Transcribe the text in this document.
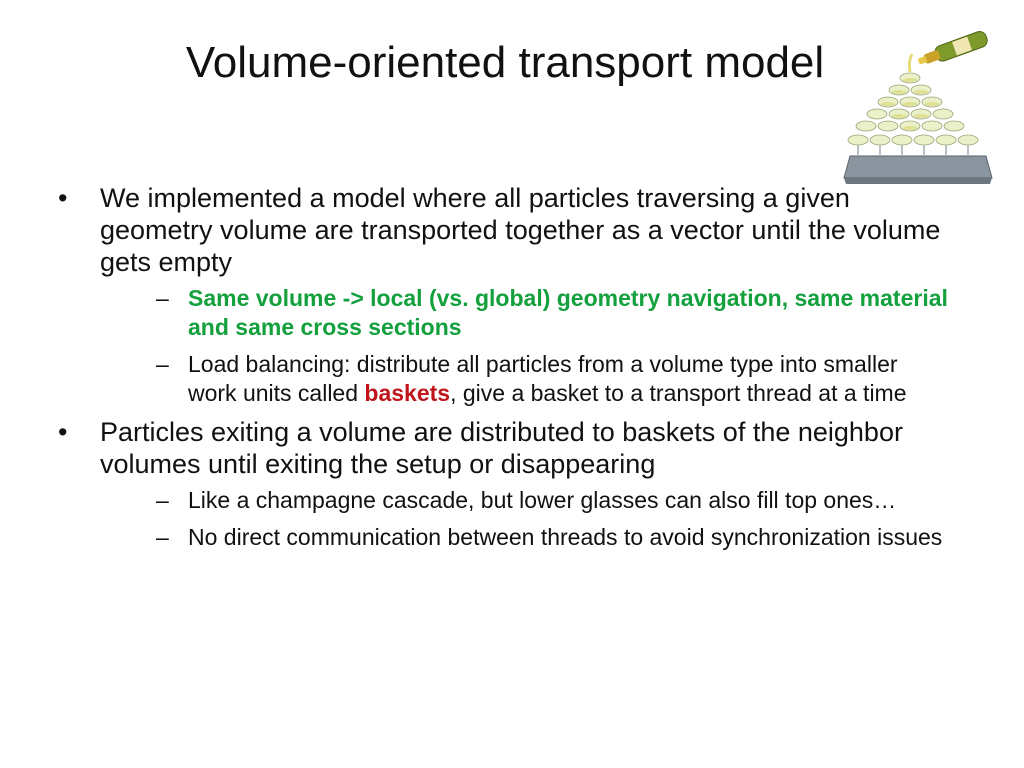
Volume-oriented transport model
•	We implemented a model where all particles traversing a given geometry volume are transported together as a vector until the volume gets empty
– Same volume -> local (vs. global) geometry navigation, same material and same cross sections
– Load balancing: distribute all particles from a volume type into smaller work units called baskets, give a basket to a transport thread at a time
•	Particles exiting a volume are distributed to baskets of the neighbor volumes until exiting the setup or disappearing
– Like a champagne cascade, but lower glasses can also fill top ones…
– No direct communication between threads to avoid synchronization issues
